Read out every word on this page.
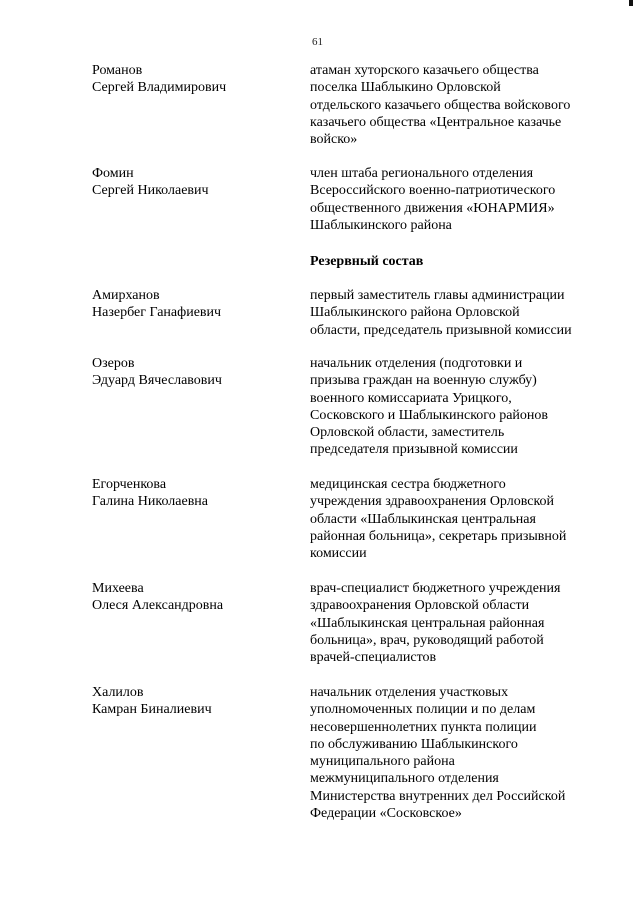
61
Романов
Сергей Владимирович
атаман хуторского казачьего общества
поселка Шаблыкино Орловской
отдельского казачьего общества войскового
казачьего общества «Центральное казачье
войско»
Фомин
Сергей Николаевич
член штаба регионального отделения
Всероссийского военно-патриотического
общественного движения «ЮНАРМИЯ»
Шаблыкинского района
Резервный состав
Амирханов
Назербег Ганафиевич
первый заместитель главы администрации
Шаблыкинского района Орловской
области, председатель призывной комиссии
Озеров
Эдуард Вячеславович
начальник отделения (подготовки и
призыва граждан на военную службу)
военного комиссариата Урицкого,
Сосковского и Шаблыкинского районов
Орловской области, заместитель
председателя призывной комиссии
Егорченкова
Галина Николаевна
медицинская сестра бюджетного
учреждения здравоохранения Орловской
области «Шаблыкинская центральная
районная больница», секретарь призывной
комиссии
Михеева
Олеся Александровна
врач-специалист бюджетного учреждения
здравоохранения Орловской области
«Шаблыкинская центральная районная
больница», врач, руководящий работой
врачей-специалистов
Халилов
Камран Биналиевич
начальник отделения участковых
уполномоченных полиции и по делам
несовершеннолетних пункта полиции
по обслуживанию Шаблыкинского
муниципального района
межмуниципального отделения
Министерства внутренних дел Российской
Федерации «Сосковское»
